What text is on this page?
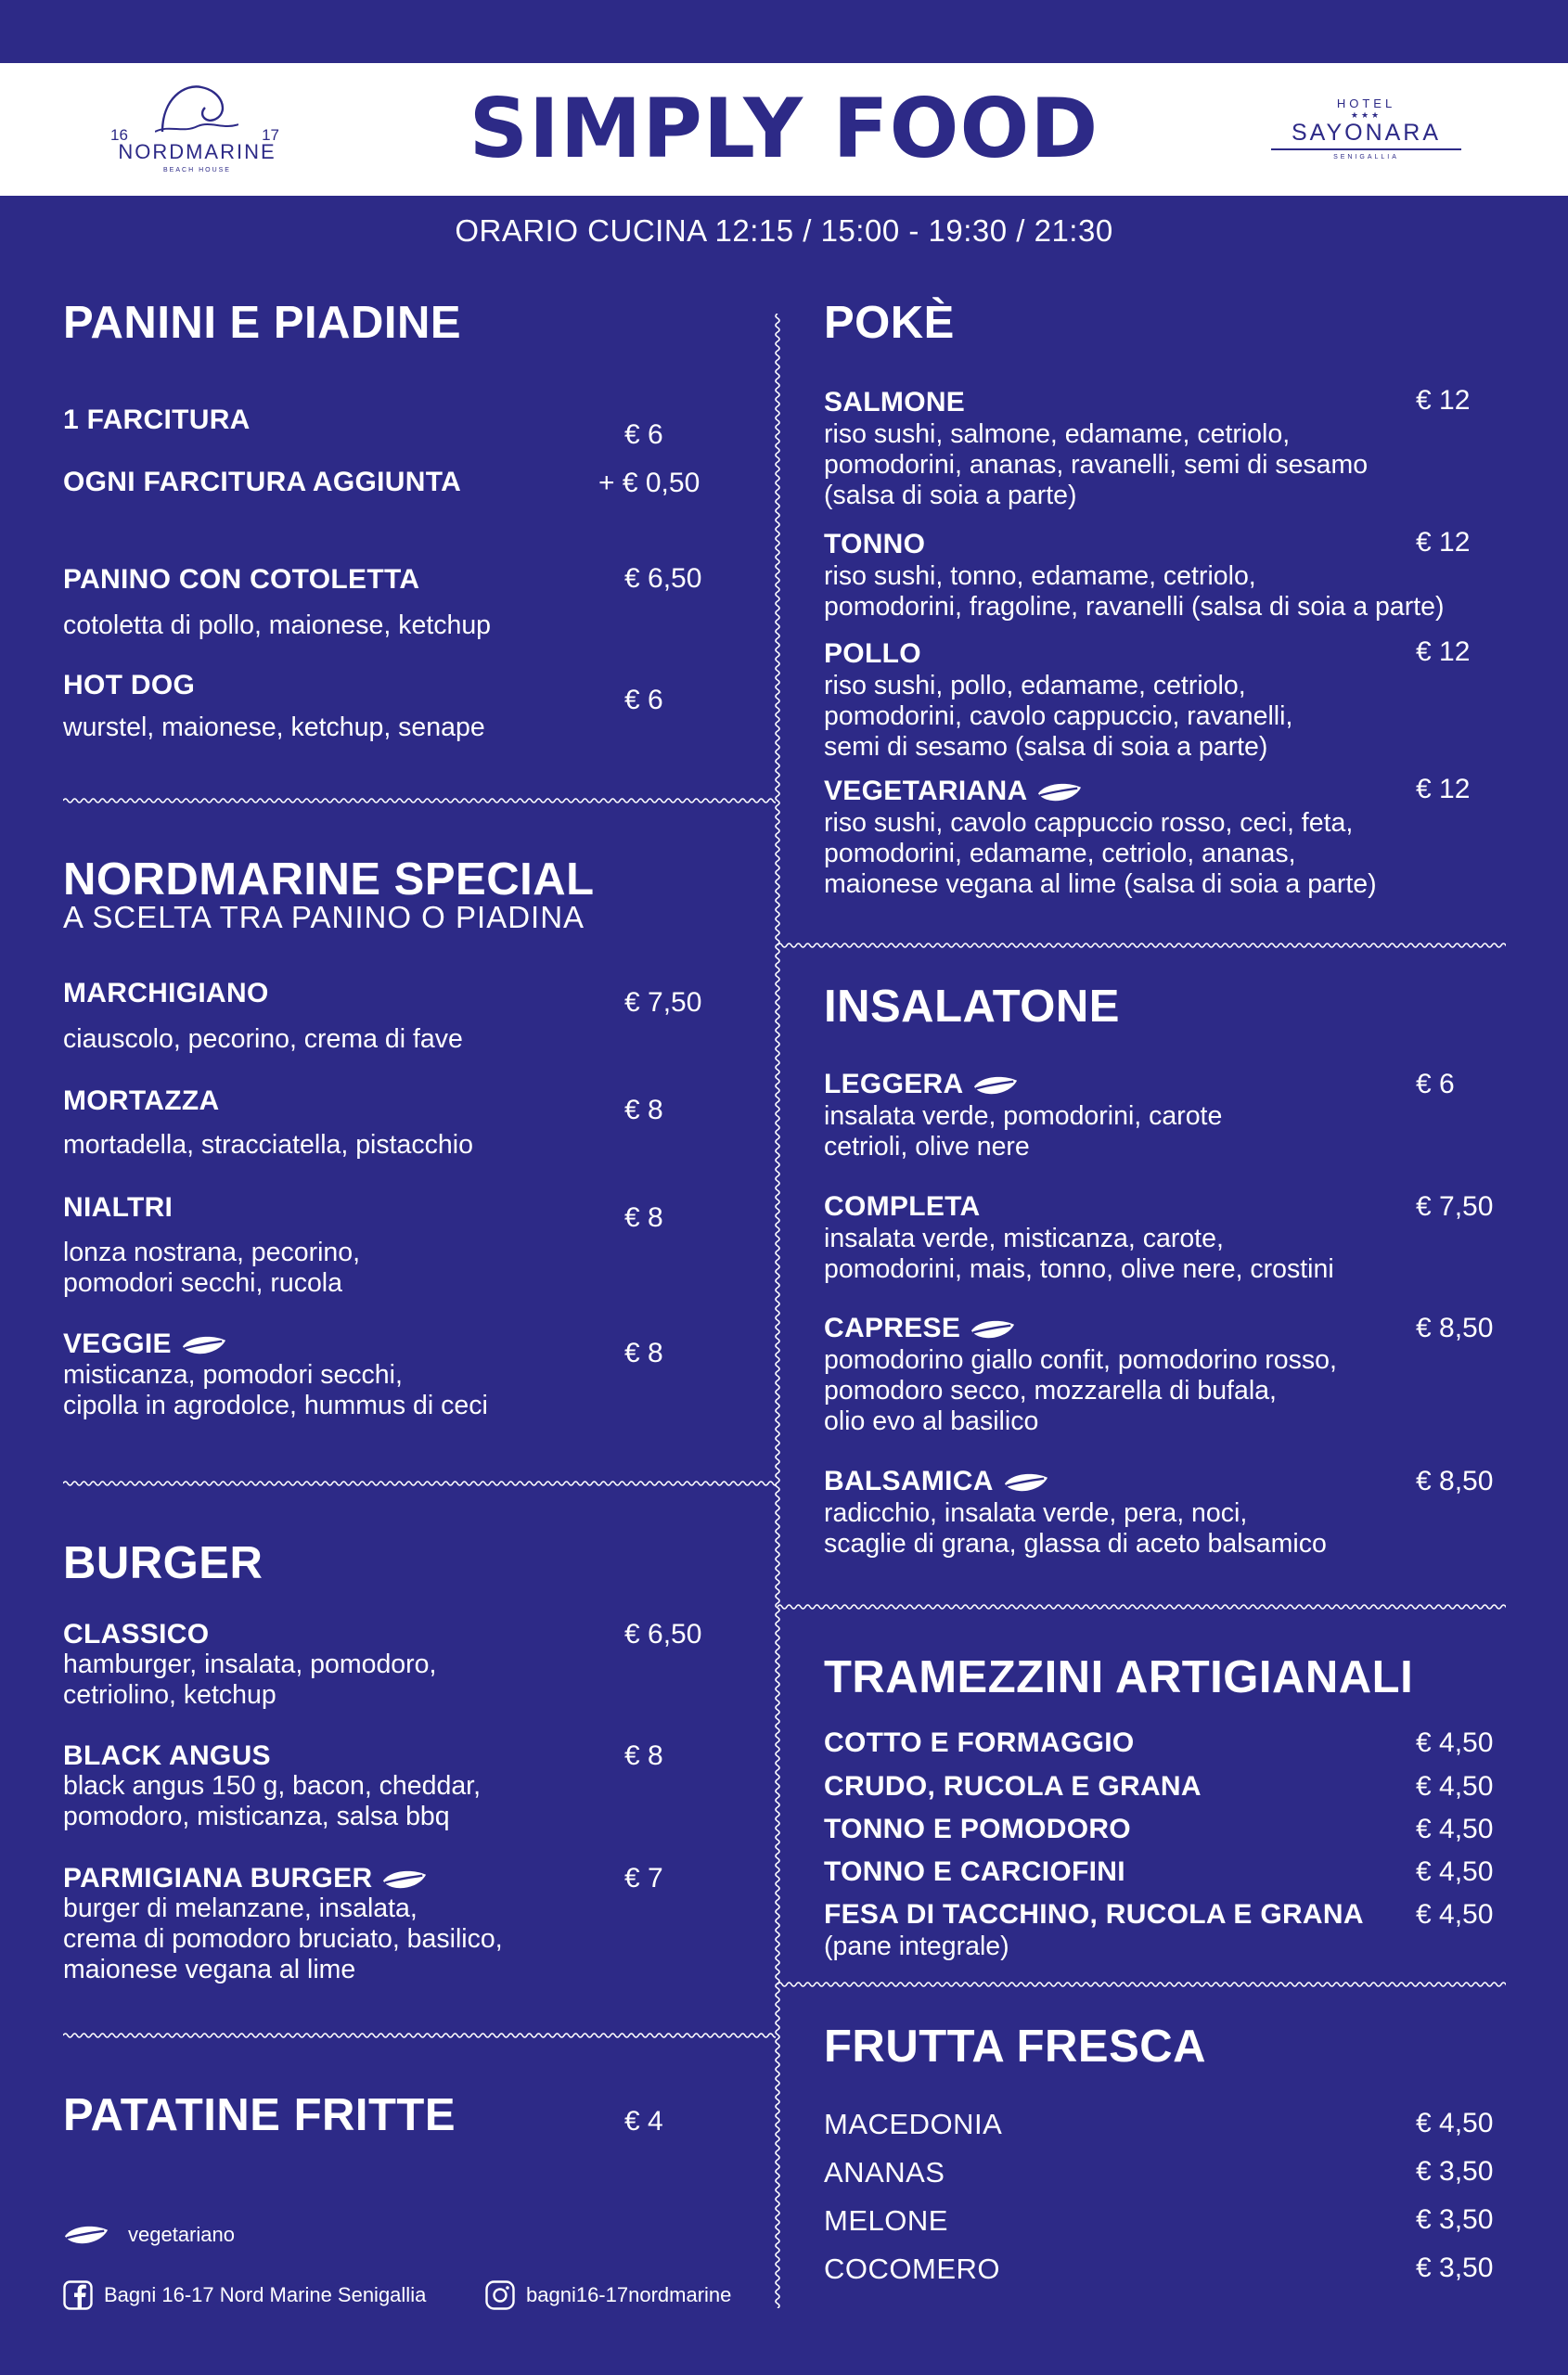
16	17
NORDMARINE
BEACH HOUSE	SIMPLY FOOD	HOTEL
★★★
SAYONARA
SENIGALLIA
ORARIO CUCINA 12:15 / 15:00 - 19:30 / 21:30
PANINI E PIADINE
1 FARCITURA	€ 6
OGNI FARCITURA AGGIUNTA	+ € 0,50
PANINO CON COTOLETTA	€ 6,50
cotoletta di pollo, maionese, ketchup
HOT DOG	€ 6
wurstel, maionese, ketchup, senape
NORDMARINE SPECIAL
A SCELTA TRA PANINO O PIADINA
MARCHIGIANO	€ 7,50
ciauscolo, pecorino, crema di fave
MORTAZZA	€ 8
mortadella, stracciatella, pistacchio
NIALTRI	€ 8
lonza nostrana, pecorino,
pomodori secchi, rucola
VEGGIE	€ 8
misticanza, pomodori secchi,
cipolla in agrodolce, hummus di ceci
BURGER
CLASSICO	€ 6,50
hamburger, insalata, pomodoro,
cetriolino, ketchup
BLACK ANGUS	€ 8
black angus 150 g, bacon, cheddar,
pomodoro, misticanza, salsa bbq
PARMIGIANA BURGER	€ 7
burger di melanzane, insalata,
crema di pomodoro bruciato, basilico,
maionese vegana al lime
PATATINE FRITTE	€ 4
vegetariano
Bagni 16-17 Nord Marine Senigallia	bagni16-17nordmarine
POKÈ
SALMONE	€ 12
riso sushi, salmone, edamame, cetriolo,
pomodorini, ananas, ravanelli, semi di sesamo
(salsa di soia a parte)
TONNO	€ 12
riso sushi, tonno, edamame, cetriolo,
pomodorini, fragoline, ravanelli (salsa di soia a parte)
POLLO	€ 12
riso sushi, pollo, edamame, cetriolo,
pomodorini, cavolo cappuccio, ravanelli,
semi di sesamo (salsa di soia a parte)
VEGETARIANA	€ 12
riso sushi, cavolo cappuccio rosso, ceci, feta,
pomodorini, edamame, cetriolo, ananas,
maionese vegana al lime (salsa di soia a parte)
INSALATONE
LEGGERA	€ 6
insalata verde, pomodorini, carote
cetrioli, olive nere
COMPLETA	€ 7,50
insalata verde, misticanza, carote,
pomodorini, mais, tonno, olive nere, crostini
CAPRESE	€ 8,50
pomodorino giallo confit, pomodorino rosso,
pomodoro secco, mozzarella di bufala,
olio evo al basilico
BALSAMICA	€ 8,50
radicchio, insalata verde, pera, noci,
scaglie di grana, glassa di aceto balsamico
TRAMEZZINI ARTIGIANALI
COTTO E FORMAGGIO	€ 4,50
CRUDO, RUCOLA E GRANA	€ 4,50
TONNO E POMODORO	€ 4,50
TONNO E CARCIOFINI	€ 4,50
FESA DI TACCHINO, RUCOLA E GRANA € 4,50
(pane integrale)
FRUTTA FRESCA
MACEDONIA	€ 4,50
ANANAS	€ 3,50
MELONE	€ 3,50
COCOMERO	€ 3,50
